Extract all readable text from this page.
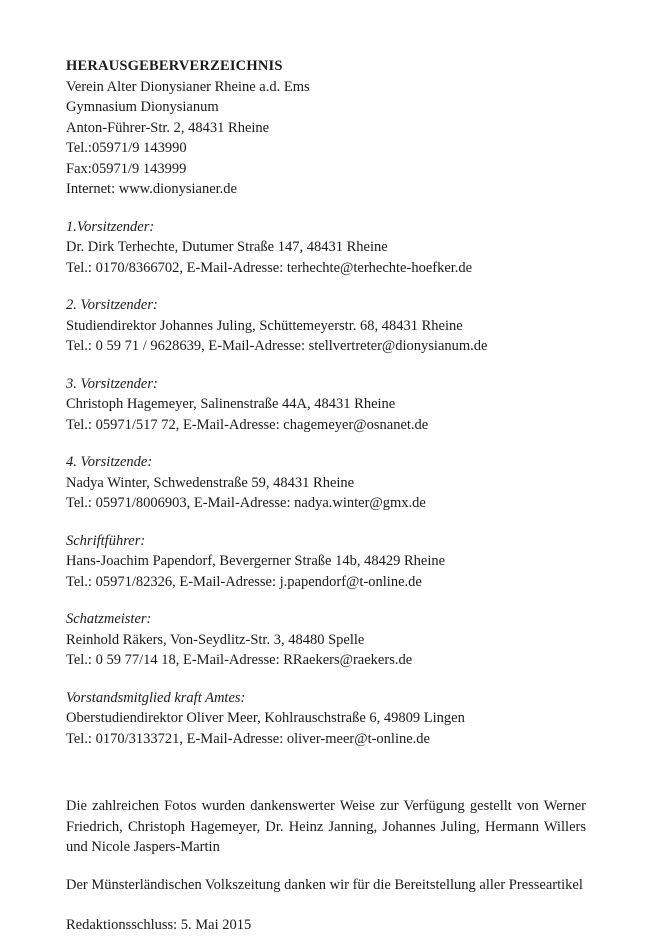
HERAUSGEBERVERZEICHNIS

Verein Alter Dionysianer Rheine a.d. Ems

Gymnasium Dionysianum

Anton-Führer-Str. 2, 48431 Rheine

Tel.:05971/9 143990

Fax:05971/9 143999

Internet: www.dionysianer.de

1.Vorsitzender:

Dr. Dirk Terhechte, Dutumer Straße 147, 48431 Rheine

Tel.: 0170/8366702, E-Mail-Adresse: terhechte@terhechte-hoefker.de

2. Vorsitzender:

Studiendirektor Johannes Juling, Schüttemeyerstr. 68, 48431 Rheine

Tel.: 0 59 71 / 9628639, E-Mail-Adresse: stellvertreter@dionysianum.de

3. Vorsitzender:

Christoph Hagemeyer, Salinenstraße 44A, 48431 Rheine

Tel.: 05971/517 72, E-Mail-Adresse: chagemeyer@osnanet.de

4. Vorsitzende:

Nadya Winter, Schwedenstraße 59, 48431 Rheine

Tel.: 05971/8006903, E-Mail-Adresse: nadya.winter@gmx.de

Schriftführer:

Hans-Joachim Papendorf, Bevergerner Straße 14b, 48429 Rheine

Tel.: 05971/82326, E-Mail-Adresse: j.papendorf@t-online.de

Schatzmeister:

Reinhold Räkers, Von-Seydlitz-Str. 3, 48480 Spelle

Tel.: 0 59 77/14 18, E-Mail-Adresse: RRaekers@raekers.de

Vorstandsmitglied kraft Amtes:

Oberstudiendirektor Oliver Meer, Kohlrauschstraße 6, 49809 Lingen

Tel.: 0170/3133721, E-Mail-Adresse: oliver-meer@t-online.de

Die zahlreichen Fotos wurden dankenswerter Weise zur Verfügung gestellt von Werner Friedrich, Christoph Hagemeyer, Dr. Heinz Janning, Johannes Juling, Hermann Willers und Nicole Jaspers-Martin

Der Münsterländischen Volkszeitung danken wir für die Bereitstellung aller Presseartikel

Redaktionsschluss: 5. Mai 2015
